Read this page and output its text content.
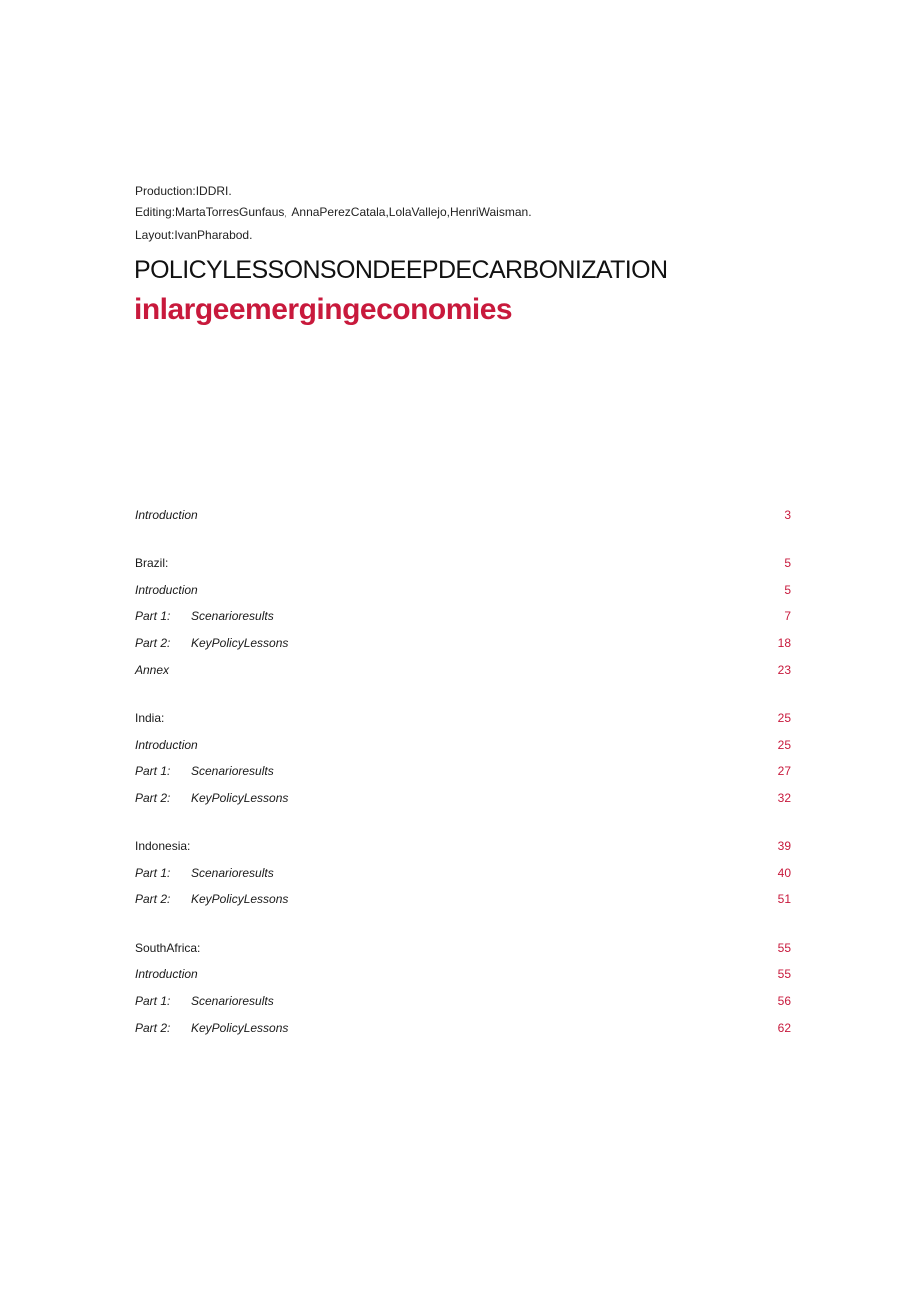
Production:IDDRI.
Editing:MartaTorresGunfaus，AnnaPerezCatala,LolaVallejo,HenriWaisman.
Layout:IvanPharabod.
POLICYLESSONSONDEEPDECARBONIZATION
inlargeemergingeconomies
Introduction	3
Brazil:	5
Introduction	5
Part 1: Scenarioresults	7
Part 2: KeyPolicyLessons	18
Annex	23
India:	25
Introduction	25
Part 1: Scenarioresults	27
Part 2: KeyPolicyLessons	32
Indonesia:	39
Part 1: Scenarioresults	40
Part 2: KeyPolicyLessons	51
SouthAfrica:	55
Introduction	55
Part 1: Scenarioresults	56
Part 2: KeyPolicyLessons	62
